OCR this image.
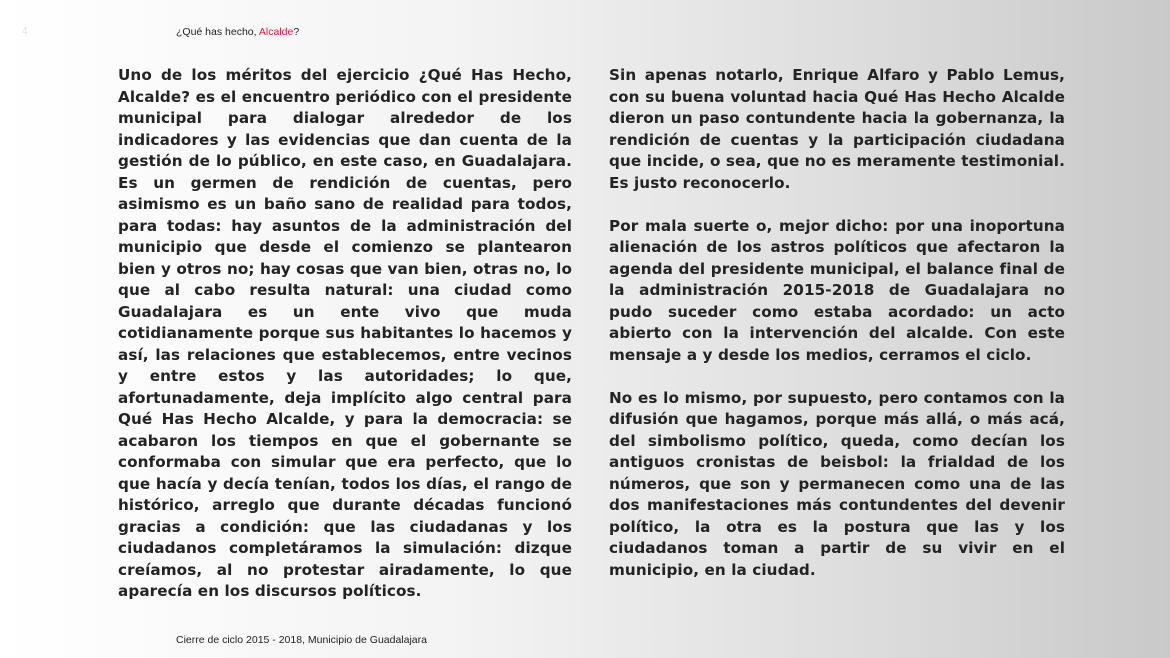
4	¿Qué has hecho, Alcalde?

Uno de los méritos del ejercicio ¿Qué Has Hecho, Alcalde? es el encuentro periódico con el presidente municipal para dialogar alrededor de los indicadores y las evidencias que dan cuenta de la gestión de lo público, en este caso, en Guadalajara. Es un germen de rendición de cuentas, pero asimismo es un baño sano de realidad para todos, para todas: hay asuntos de la administración del municipio que desde el comienzo se plantearon bien y otros no; hay cosas que van bien, otras no, lo que al cabo resulta natural: una ciudad como Guadalajara es un ente vivo que muda cotidianamente porque sus habitantes lo hacemos y así, las relaciones que establecemos, entre vecinos y entre estos y las autoridades; lo que, afortunadamente, deja implícito algo central para Qué Has Hecho Alcalde, y para la democracia: se acabaron los tiempos en que el gobernante se conformaba con simular que era perfecto, que lo que hacía y decía tenían, todos los días, el rango de histórico, arreglo que durante décadas funcionó gracias a condición: que las ciudadanas y los ciudadanos completáramos la simulación: dizque creíamos, al no protestar airadamente, lo que aparecía en los discursos políticos.

Sin apenas notarlo, Enrique Alfaro y Pablo Lemus, con su buena voluntad hacia Qué Has Hecho Alcalde dieron un paso contundente hacia la gobernanza, la rendición de cuentas y la participación ciudadana que incide, o sea, que no es meramente testimonial. Es justo reconocerlo.

Por mala suerte o, mejor dicho: por una inoportuna alienación de los astros políticos que afectaron la agenda del presidente municipal, el balance final de la administración 2015-2018 de Guadalajara no pudo suceder como estaba acordado: un acto abierto con la intervención del alcalde. Con este mensaje a y desde los medios, cerramos el ciclo.

No es lo mismo, por supuesto, pero contamos con la difusión que hagamos, porque más allá, o más acá, del simbolismo político, queda, como decían los antiguos cronistas de beisbol: la frialdad de los números, que son y permanecen como una de las dos manifestaciones más contundentes del devenir político, la otra es la postura que las y los ciudadanos toman a partir de su vivir en el municipio, en la ciudad.

Cierre de ciclo 2015 - 2018, Municipio de Guadalajara
